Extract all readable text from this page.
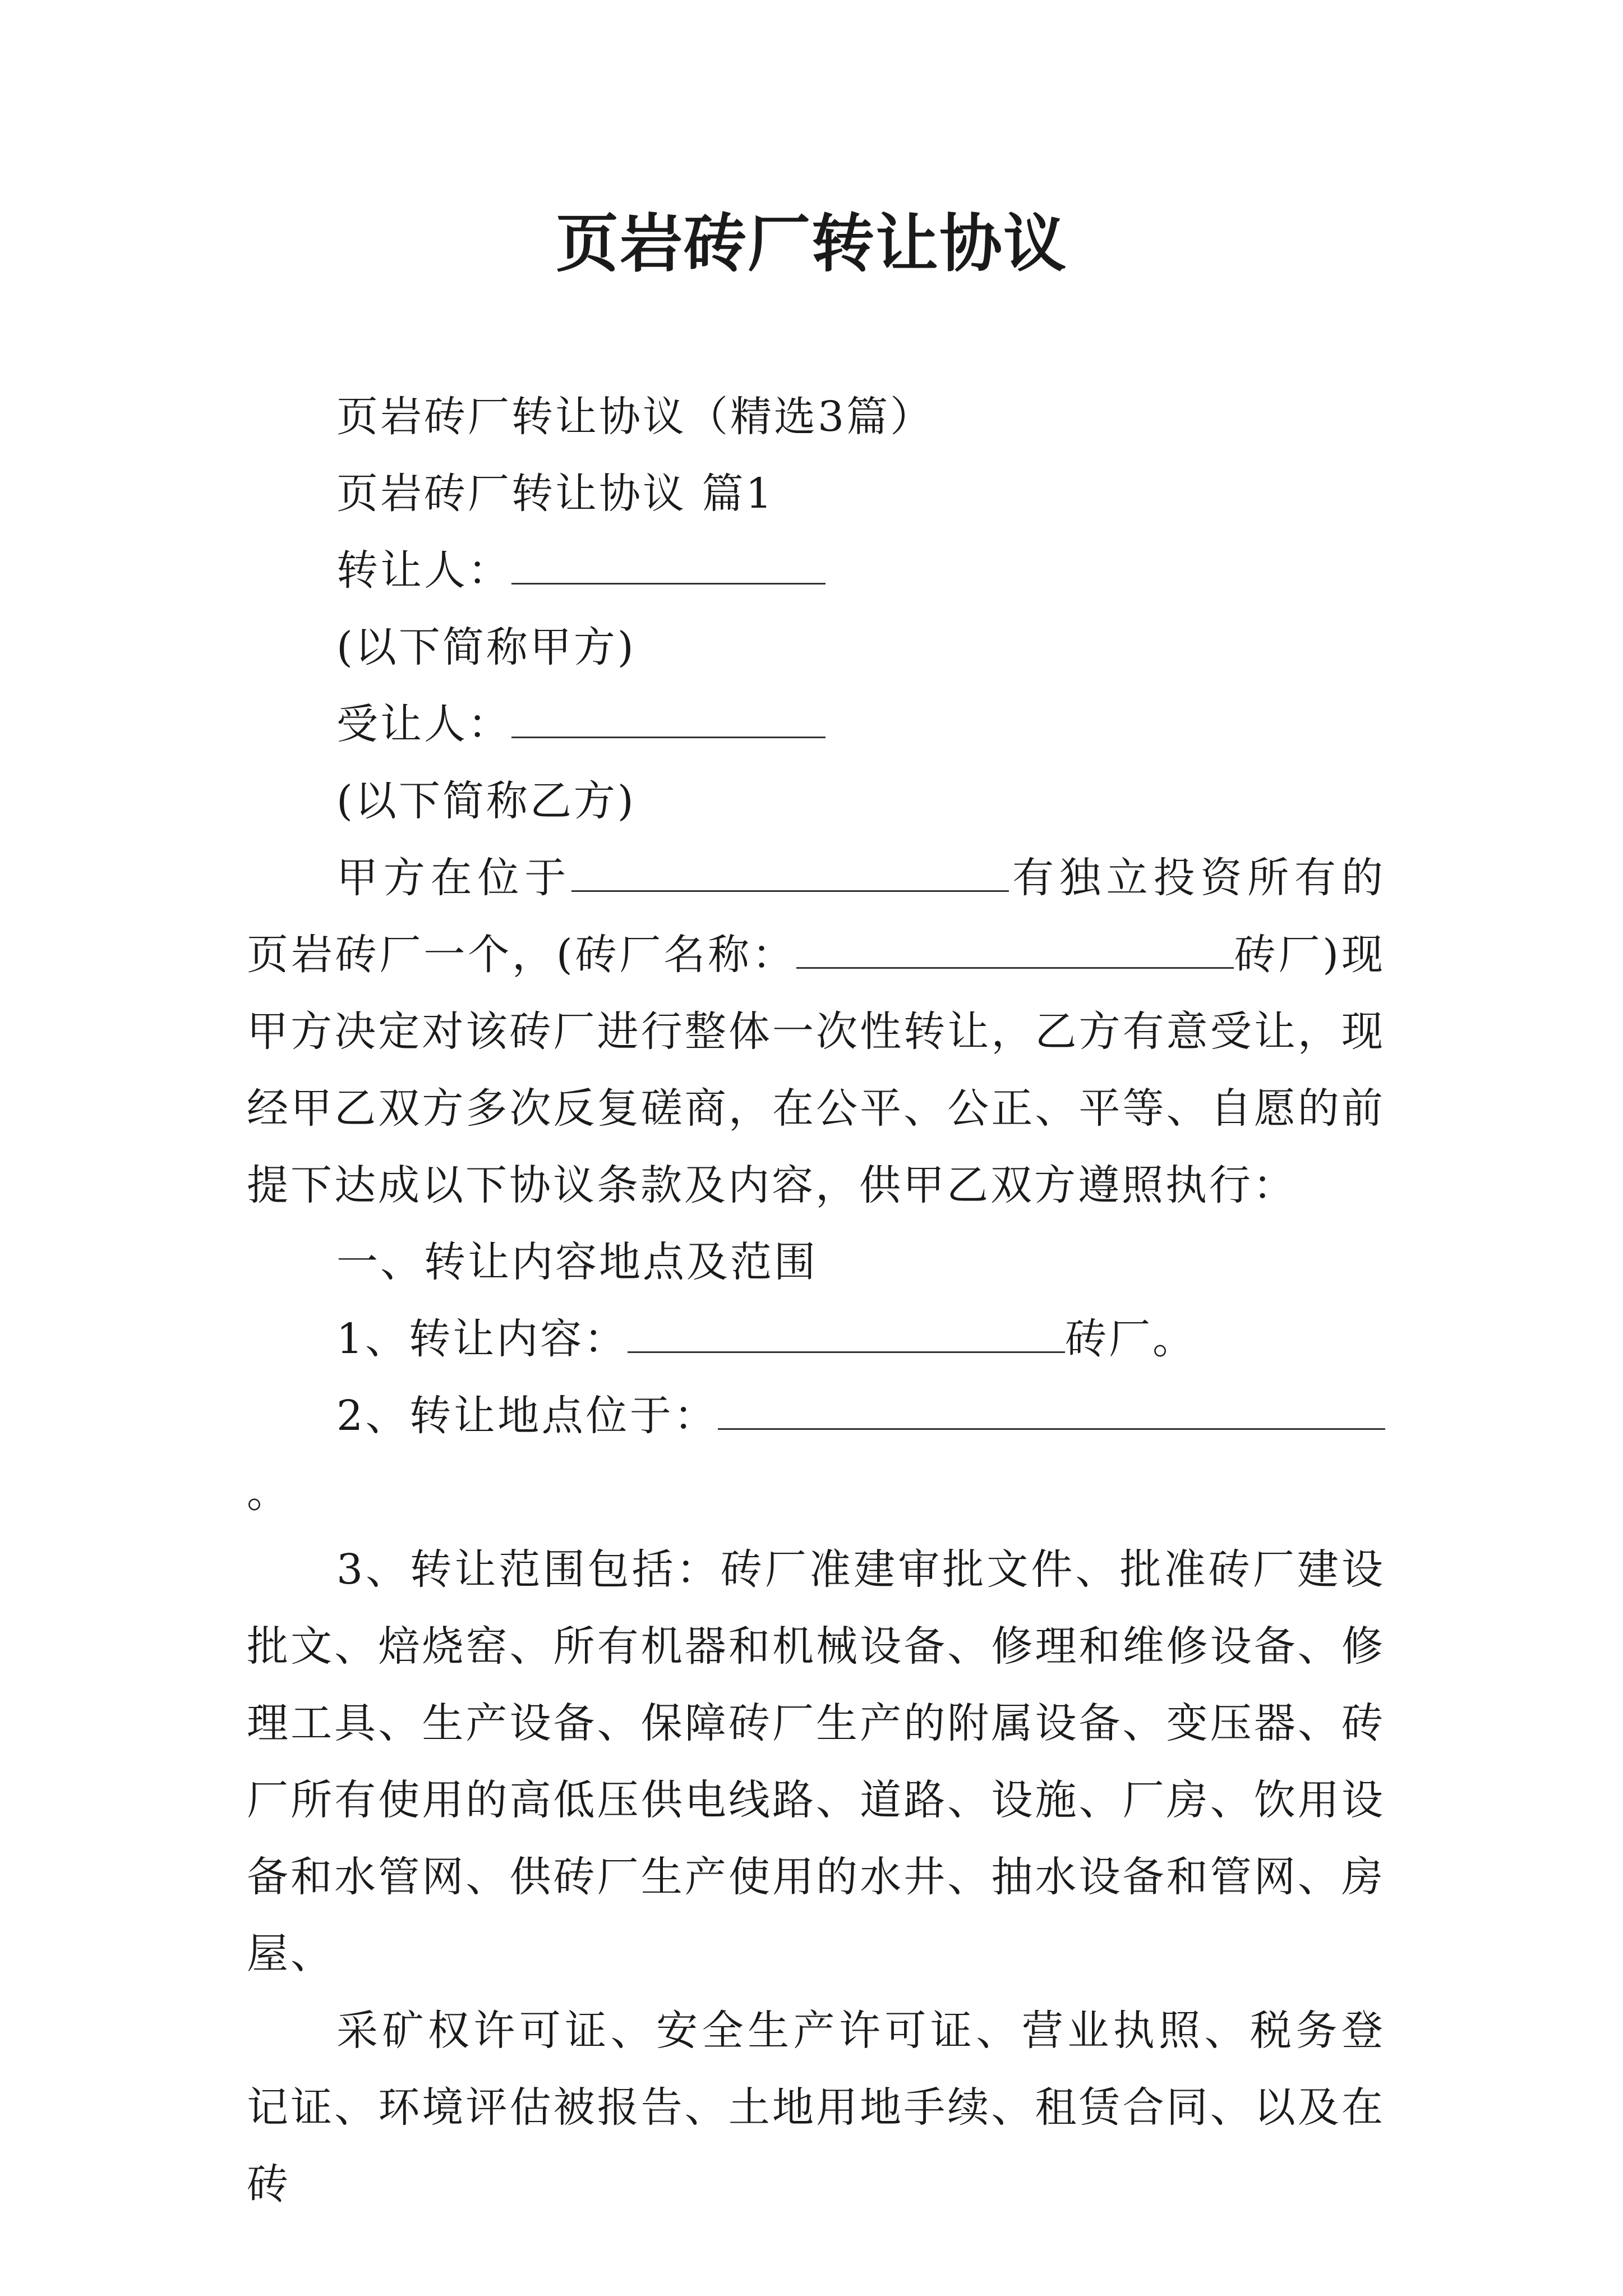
页岩砖厂转让协议

页岩砖厂转让协议（精选3篇）

页岩砖厂转让协议 篇1

转让人：

(以下简称甲方)

受让人：

(以下简称乙方)

甲方在位于	有独立投资所有的页岩砖厂一个，(砖厂名称：	砖厂)现甲方决定对该砖厂进行整体一次性转让，乙方有意受让，现经甲乙双方多次反复磋商，在公平、公正、平等、自愿的前提下达成以下协议条款及内容，供甲乙双方遵照执行：

一、转让内容地点及范围

1、转让内容：	砖厂。

2、转让地点位于：。

3、转让范围包括：砖厂准建审批文件、批准砖厂建设批文、焙烧窑、所有机器和机械设备、修理和维修设备、修理工具、生产设备、保障砖厂生产的附属设备、变压器、砖厂所有使用的高低压供电线路、道路、设施、厂房、饮用设备和水管网、供砖厂生产使用的水井、抽水设备和管网、房屋、

采矿权许可证、安全生产许可证、营业执照、税务登记证、环境评估被报告、土地用地手续、租赁合同、以及在砖
